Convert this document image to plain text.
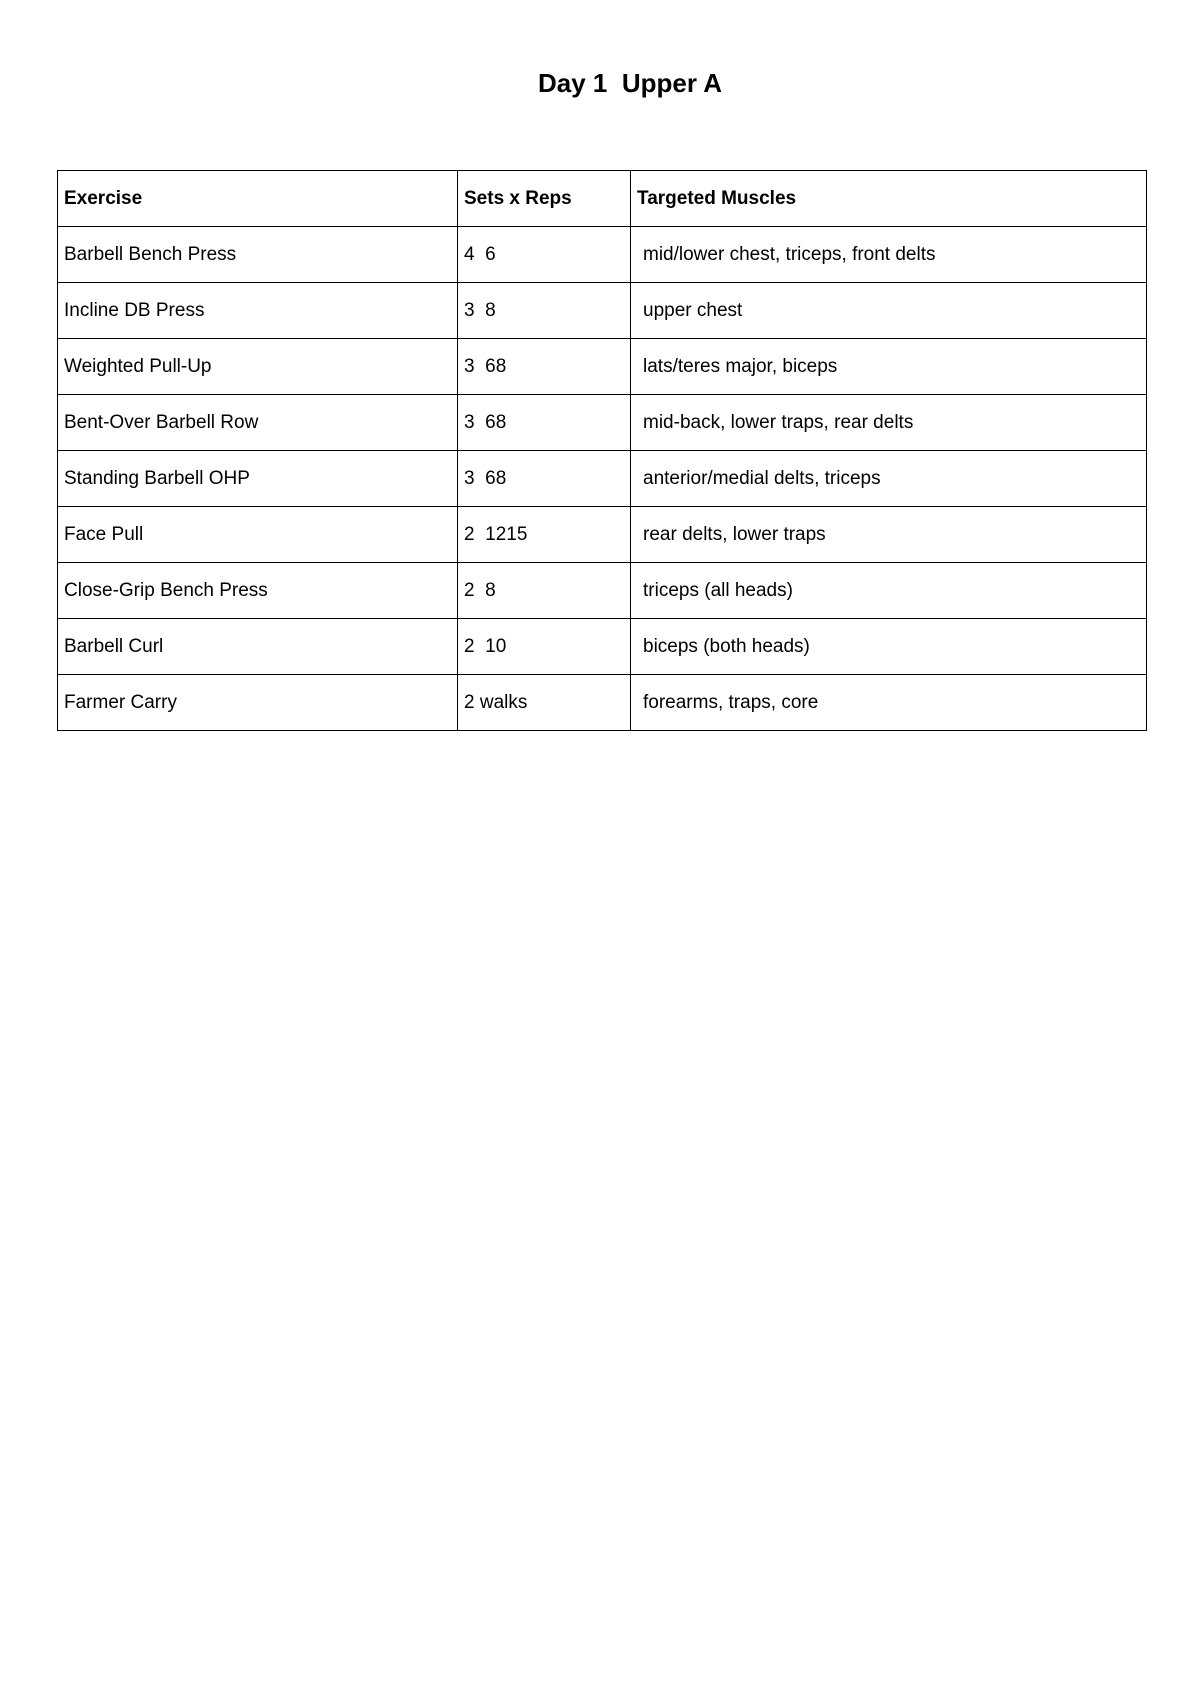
Day 1  Upper A
Exercise	Sets x Reps	Targeted Muscles
Barbell Bench Press	4  6	mid/lower chest, triceps, front delts
Incline DB Press	3  8	upper chest
Weighted Pull-Up	3  68	lats/teres major, biceps
Bent-Over Barbell Row	3  68	mid-back, lower traps, rear delts
Standing Barbell OHP	3  68	anterior/medial delts, triceps
Face Pull	2  1215	rear delts, lower traps
Close-Grip Bench Press	2  8	triceps (all heads)
Barbell Curl	2  10	biceps (both heads)
Farmer Carry	2 walks	forearms, traps, core
